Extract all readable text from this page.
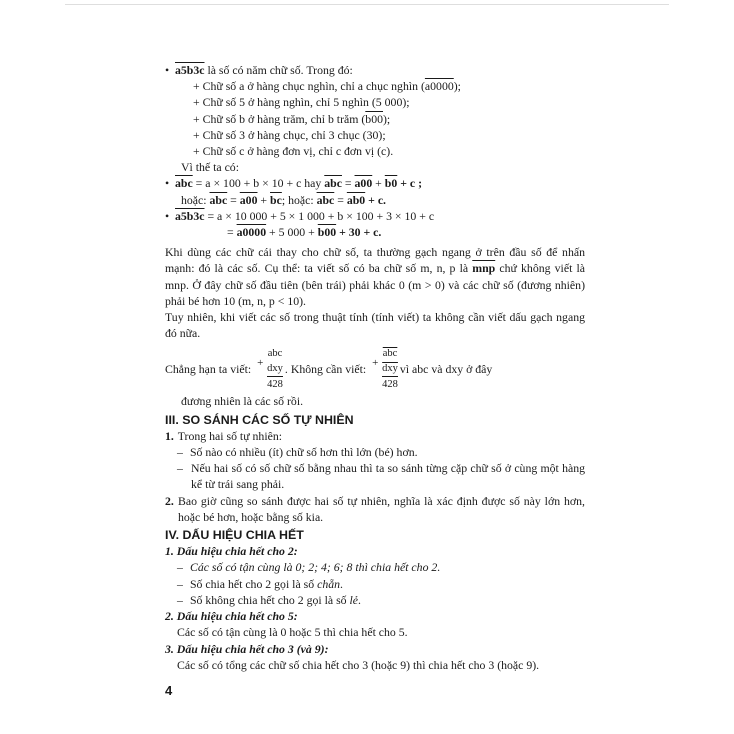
• a5b3c là số có năm chữ số. Trong đó:
+ Chữ số a ở hàng chục nghìn, chỉ a chục nghìn (a0000);
+ Chữ số 5 ở hàng nghìn, chỉ 5 nghìn (5 000);
+ Chữ số b ở hàng trăm, chỉ b trăm (b00);
+ Chữ số 3 ở hàng chục, chỉ 3 chục (30);
+ Chữ số c ở hàng đơn vị, chỉ c đơn vị (c).
Vì thế ta có:
• $\overline{abc} = a \times 100 + b \times 10 + c$ hay $\overline{abc} = a00 + b0 + c$ ;
hoặc: $\overline{abc} = a00 + \overline{bc}$; hoặc: $\overline{abc} = ab0 + c$.
• a5b3c = a × 10 000 + 5 × 1 000 + b × 100 + 3 × 10 + c
= a0000 + 5 000 + b00 + 30 + c.
Khi dùng các chữ cái thay cho chữ số, ta thường gạch ngang ở trên đầu số để nhấn mạnh: đó là các số. Cụ thể: ta viết số có ba chữ số m, n, p là $\overline{mnp}$ chứ không viết là mnp. Ở đây chữ số đầu tiên (bên trái) phải khác 0 (m > 0) và các chữ số (đương nhiên) phải bé hơn 10 (m, n, p < 10).
Tuy nhiên, khi viết các số trong thuật tính (tính viết) ta không cần viết dấu gạch ngang đó nữa.
Chẳng hạn ta viết: +
abc
dxy
428
. Không cần viết: +
$\overline{abc}$
$\overline{dxy}$
428
vì abc và dxy ở đây
đương nhiên là các số rồi.
III. SO SÁNH CÁC SỐ TỰ NHIÊN
1. Trong hai số tự nhiên:
– Số nào có nhiều (ít) chữ số hơn thì lớn (bé) hơn.
– Nếu hai số có số chữ số bằng nhau thì ta so sánh từng cặp chữ số ở cùng một hàng kể từ trái sang phải.
2. Bao giờ cũng so sánh được hai số tự nhiên, nghĩa là xác định được số này lớn hơn, hoặc bé hơn, hoặc bằng số kia.
IV. DẤU HIỆU CHIA HẾT
1. Dấu hiệu chia hết cho 2:
– Các số có tận cùng là 0; 2; 4; 6; 8 thì chia hết cho 2.
– Số chia hết cho 2 gọi là số chẵn.
– Số không chia hết cho 2 gọi là số lẻ.
2. Dấu hiệu chia hết cho 5:
Các số có tận cùng là 0 hoặc 5 thì chia hết cho 5.
3. Dấu hiệu chia hết cho 3 (và 9):
Các số có tổng các chữ số chia hết cho 3 (hoặc 9) thì chia hết cho 3 (hoặc 9).
4
